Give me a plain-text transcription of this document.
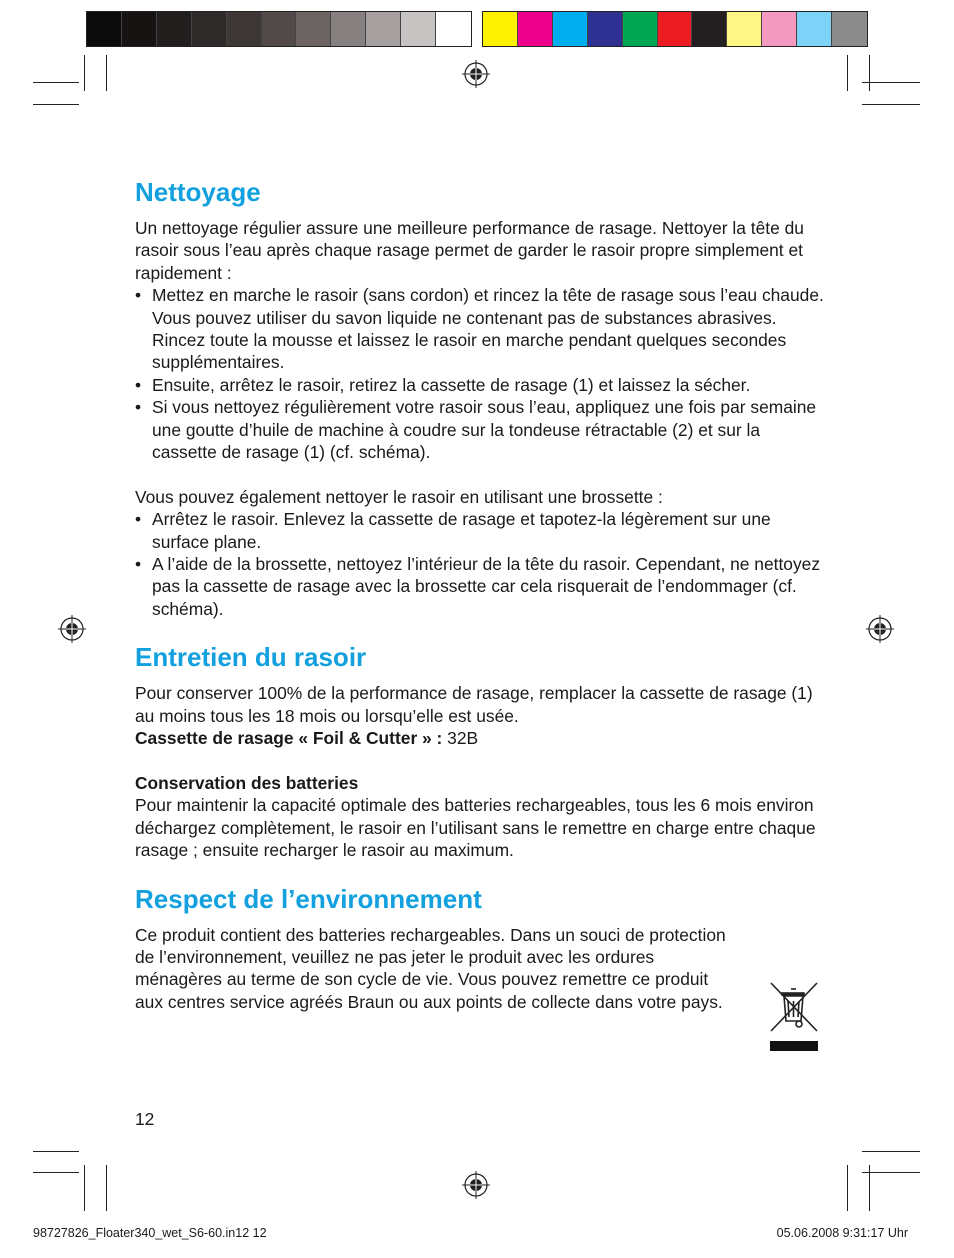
Nettoyage

Un nettoyage régulier assure une meilleure performance de rasage. Nettoyer la tête du rasoir sous l’eau après chaque rasage permet de garder le rasoir propre simplement et rapidement :

• Mettez en marche le rasoir (sans cordon) et rincez la tête de rasage sous l’eau chaude. Vous pouvez utiliser du savon liquide ne contenant pas de substances abrasives. Rincez toute la mousse et laissez le rasoir en marche pendant quelques secondes supplémentaires.
• Ensuite, arrêtez le rasoir, retirez la cassette de rasage (1) et laissez la sécher.
• Si vous nettoyez régulièrement votre rasoir sous l’eau, appliquez une fois par semaine une goutte d’huile de machine à coudre sur la tondeuse rétractable (2) et sur la cassette de rasage (1) (cf. schéma).

Vous pouvez également nettoyer le rasoir en utilisant une brossette :

• Arrêtez le rasoir. Enlevez la cassette de rasage et tapotez-la légèrement sur une surface plane.
• A l’aide de la brossette, nettoyez l’intérieur de la tête du rasoir. Cependant, ne nettoyez pas la cassette de rasage avec la brossette car cela risquerait de l’endommager (cf. schéma).
Entretien du rasoir

Pour conserver 100% de la performance de rasage, remplacer la cassette de rasage (1) au moins tous les 18 mois ou lorsqu’elle est usée.

Cassette de rasage « Foil & Cutter » : 32B

Conservation des batteries

Pour maintenir la capacité optimale des batteries rechargeables, tous les 6 mois environ déchargez complètement, le rasoir en l’utilisant sans le remettre en charge entre chaque rasage ; ensuite recharger le rasoir au maximum.

Respect de l’environnement

Ce produit contient des batteries rechargeables. Dans un souci de protection de l’environnement, veuillez ne pas jeter le produit avec les ordures ménagères au terme de son cycle de vie. Vous pouvez remettre ce produit aux centres service agréés Braun ou aux points de collecte dans votre pays.

12
98727826_Floater340_wet_S6-60.in12 12	05.06.2008 9:31:17 Uhr
